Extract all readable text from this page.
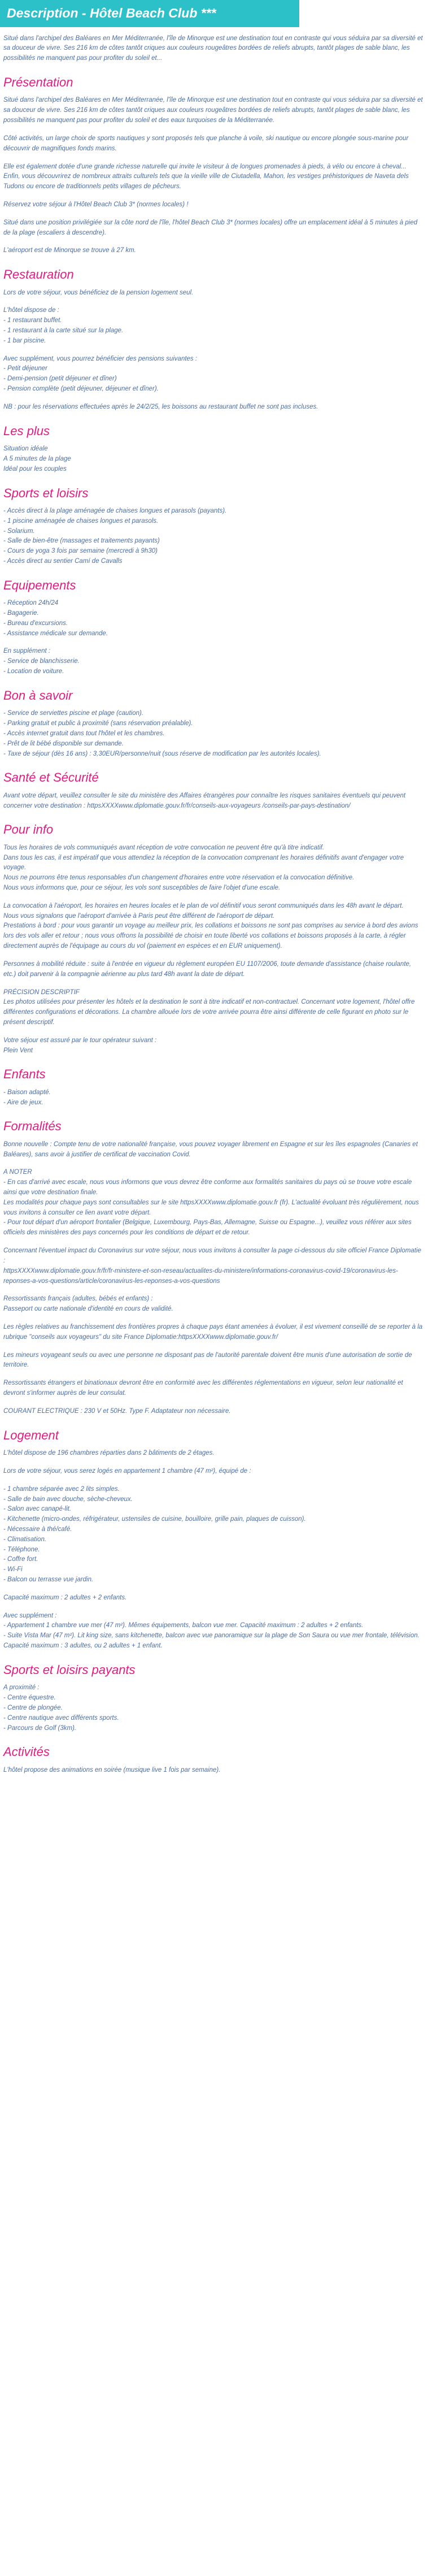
Description - Hôtel Beach Club ***
Situé dans l'archipel des Baléares en Mer Méditerranée, l'île de Minorque est une destination tout en contraste qui vous séduira par sa diversité et sa douceur de vivre. Ses 216 km de côtes tantôt criques aux couleurs rougeâtres bordées de reliefs abrupts, tantôt plages de sable blanc, les possibilités ne manquent pas pour profiter du soleil et...
Présentation
Situé dans l'archipel des Baléares en Mer Méditerranée, l'île de Minorque est une destination tout en contraste qui vous séduira par sa diversité et sa douceur de vivre. Ses 216 km de côtes tantôt criques aux couleurs rougeâtres bordées de reliefs abrupts, tantôt plages de sable blanc, les possibilités ne manquent pas pour profiter du soleil et des eaux turquoises de la Méditerranée.
Côté activités, un large choix de sports nautiques y sont proposés tels que planche à voile, ski nautique ou encore plongée sous-marine pour découvrir de magnifiques fonds marins.
Elle est également dotée d'une grande richesse naturelle qui invite le visiteur à de longues promenades à pieds, à vélo ou encore à cheval...
Enfin, vous découvrirez de nombreux attraits culturels tels que la vieille ville de Ciutadella, Mahon, les vestiges préhistoriques de Naveta dels Tudons ou encore de traditionnels petits villages de pêcheurs.
Réservez votre séjour à l'Hôtel Beach Club 3* (normes locales) !
Situé dans une position privilégiée sur la côte nord de l'île, l'hôtel Beach Club 3* (normes locales) offre un emplacement idéal à 5 minutes à pied de la plage (escaliers à descendre).
L'aéroport est de Minorque se trouve à 27 km.
Restauration
Lors de votre séjour, vous bénéficiez de la pension logement seul.
L'hôtel dispose de :
- 1 restaurant buffet.
- 1 restaurant à la carte situé sur la plage.
- 1 bar piscine.
Avec supplément, vous pourrez bénéficier des pensions suivantes :
- Petit déjeuner
- Demi-pension (petit déjeuner et dîner)
- Pension complète (petit déjeuner, déjeuner et dîner).
NB : pour les réservations effectuées après le 24/2/25, les boissons au restaurant buffet ne sont pas incluses.
Les plus
Situation idéale
A 5 minutes de la plage
Idéal pour les couples
Sports et loisirs
- Accès direct à la plage aménagée de chaises longues et parasols (payants).
- 1 piscine aménagée de chaises longues et parasols.
- Solarium.
- Salle de bien-être (massages et traitements payants)
- Cours de yoga 3 fois par semaine (mercredi à 9h30)
- Accès direct au sentier Camí de Cavalls
Equipements
- Réception 24h/24
- Bagagerie.
- Bureau d'excursions.
- Assistance médicale sur demande.
En supplément :
- Service de blanchisserie.
- Location de voiture.
Bon à savoir
- Service de serviettes piscine et plage (caution).
- Parking gratuit et public à proximité (sans réservation préalable).
- Accès internet gratuit dans tout l'hôtel et les chambres.
- Prêt de lit bébé disponible sur demande.
- Taxe de séjour (dès 16 ans) : 3,30EUR/personne/nuit (sous réserve de modification par les autorités locales).
Santé et Sécurité
Avant votre départ, veuillez consulter le site du ministère des Affaires étrangères pour connaître les risques sanitaires éventuels qui peuvent concerner votre destination : httpsXXXXwww.diplomatie.gouv.fr/fr/conseils-aux-voyageurs /conseils-par-pays-destination/
Pour info
Tous les horaires de vols communiqués avant réception de votre convocation ne peuvent être qu'à titre indicatif.
Dans tous les cas, il est impératif que vous attendiez la réception de la convocation comprenant les horaires définitifs avant d'engager votre voyage.
Nous ne pourrons être tenus responsables d'un changement d'horaires entre votre réservation et la convocation définitive.
Nous vous informons que, pour ce séjour, les vols sont susceptibles de faire l'objet d'une escale.
La convocation à l'aéroport, les horaires en heures locales et le plan de vol définitif vous seront communiqués dans les 48h avant le départ.
Nous vous signalons que l'aéroport d'arrivée à Paris peut être différent de l'aéroport de départ.
Prestations à bord : pour vous garantir un voyage au meilleur prix, les collations et boissons ne sont pas comprises au service à bord des avions lors des vols aller et retour ; nous vous offrons la possibilité de choisir en toute liberté vos collations et boissons proposés à la carte, à régler directement auprès de l'équipage au cours du vol (paiement en espèces et en EUR uniquement).
Personnes à mobilité réduite : suite à l'entrée en vigueur du règlement européen EU 1107/2006, toute demande d'assistance (chaise roulante, etc.) doit parvenir à la compagnie aérienne au plus tard 48h avant la date de départ.
PRÉCISION DESCRIPTIF
Les photos utilisées pour présenter les hôtels et la destination le sont à titre indicatif et non-contractuel. Concernant votre logement, l'hôtel offre différentes configurations et décorations. La chambre allouée lors de votre arrivée pourra être ainsi différente de celle figurant en photo sur le présent descriptif.
Votre séjour est assuré par le tour opérateur suivant :
Plein Vent
Enfants
- Baison adapté.
- Aire de jeux.
Formalités
Bonne nouvelle : Compte tenu de votre nationalité française, vous pouvez voyager librement en Espagne et sur les îles espagnoles (Canaries et Baléares), sans avoir à justifier de certificat de vaccination Covid.
A NOTER
- En cas d'arrivé avec escale, nous vous informons que vous devrez être conforme aux formalités sanitaires du pays où se trouve votre escale ainsi que votre destination finale.
Les modalités pour chaque pays sont consultables sur le site httpsXXXXwww.diplomatie.gouv.fr (fr). L'actualité évoluant très régulièrement, nous vous invitons à consulter ce lien avant votre départ.
- Pour tout départ d'un aéroport frontalier (Belgique, Luxembourg, Pays-Bas, Allemagne, Suisse ou Espagne...), veuillez vous référer aux sites officiels des ministères des pays concernés pour les conditions de départ et de retour.
Concernant l'éventuel impact du Coronavirus sur votre séjour, nous vous invitons à consulter la page ci-dessous du site officiel France Diplomatie :
httpsXXXXwww.diplomatie.gouv.fr/fr/fr-ministere-et-son-reseau/actualites-du-ministere/informations-coronavirus-covid-19/coronavirus-les-reponses-a-vos-questions/article/coronavirus-les-reponses-a-vos-questions
Ressortissants français (adultes, bébés et enfants) :
Passeport ou carte nationale d'identité en cours de validité.
Les règles relatives au franchissement des frontières propres à chaque pays étant amenées à évoluer, il est vivement conseillé de se reporter à la rubrique "conseils aux voyageurs" du site France Diplomatie:httpsXXXXwww.diplomatie.gouv.fr/
Les mineurs voyageant seuls ou avec une personne ne disposant pas de l'autorité parentale doivent être munis d'une autorisation de sortie de territoire.
Ressortissants étrangers et binationaux devront être en conformité avec les différentes réglementations en vigueur, selon leur nationalité et devront s'informer auprès de leur consulat.
COURANT ELECTRIQUE : 230 V et 50Hz. Type F. Adaptateur non nécessaire.
Logement
L'hôtel dispose de 196 chambres réparties dans 2 bâtiments de 2 étages.
Lors de votre séjour, vous serez logés en appartement 1 chambre (47 m²), équipé de :
- 1 chambre séparée avec 2 lits simples.
- Salle de bain avec douche, sèche-cheveux.
- Salon avec canapé-lit.
- Kitchenette (micro-ondes, réfrigérateur, ustensiles de cuisine, bouilloire, grille pain, plaques de cuisson).
- Nécessaire à thé/café.
- Climatisation.
- Téléphone.
- Coffre fort.
- Wi-Fi
- Balcon ou terrasse vue jardin.
Capacité maximum : 2 adultes + 2 enfants.
Avec supplément :
- Appartement 1 chambre vue mer (47 m²). Mêmes équipements, balcon vue mer. Capacité maximum : 2 adultes + 2 enfants.
- Suite Vista Mar (47 m²). Lit king size, sans kitchenette, balcon avec vue panoramique sur la plage de Son Saura ou vue mer frontale, télévision. Capacité maximum : 3 adultes, ou 2 adultes + 1 enfant.
Sports et loisirs payants
A proximité :
- Centre équestre.
- Centre de plongée.
- Centre nautique avec différents sports.
- Parcours de Golf (3km).
Activités
L'hôtel propose des animations en soirée (musique live 1 fois par semaine).
